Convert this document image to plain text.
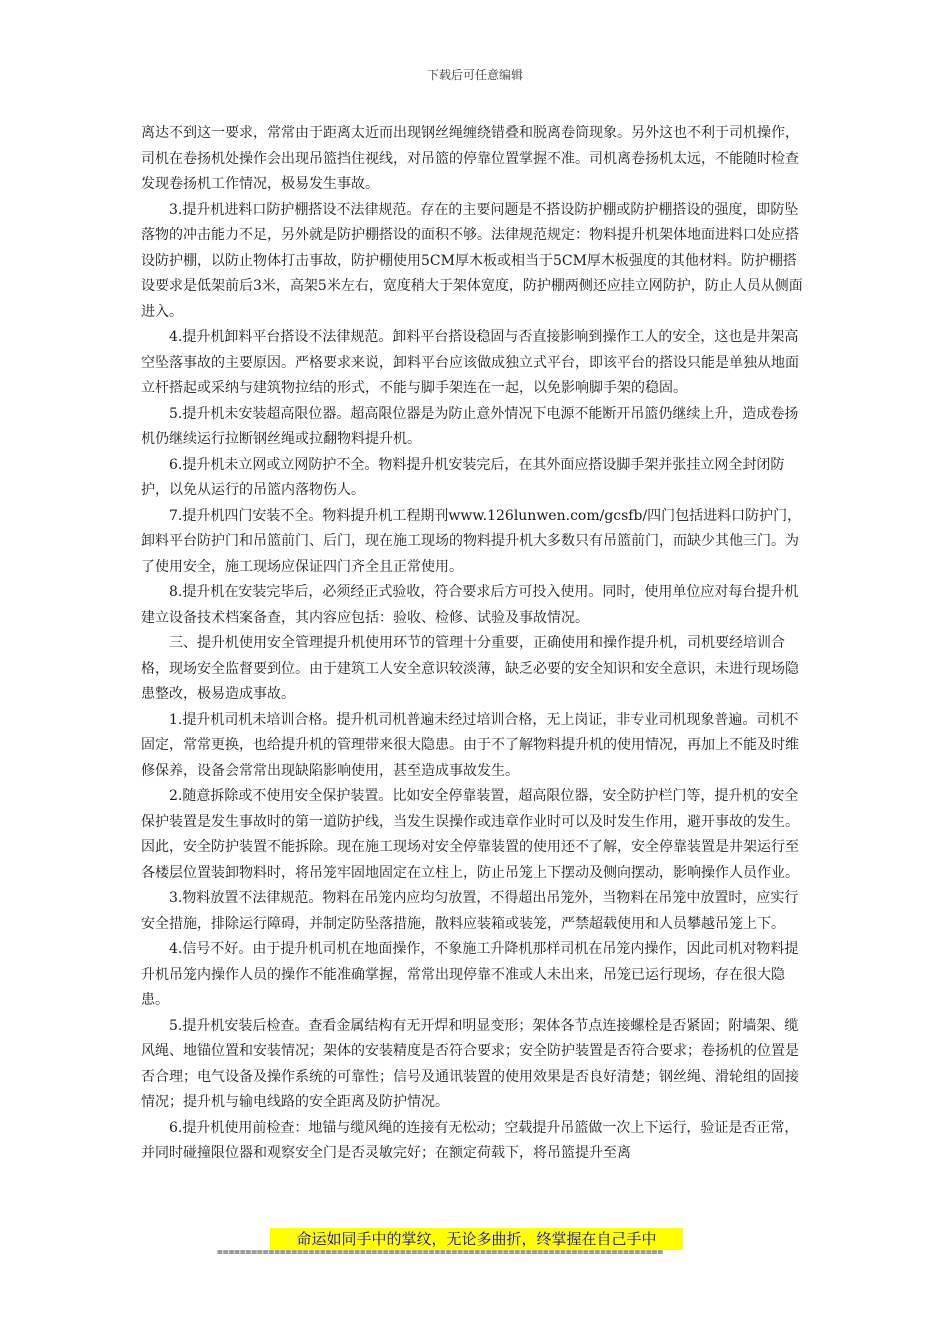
下载后可任意编辑

离达不到这一要求，常常由于距离太近而出现钢丝绳缠绕错叠和脱离卷筒现象。另外这也不利于司机操作，司机在卷扬机处操作会出现吊篮挡住视线，对吊篮的停靠位置掌握不准。司机离卷扬机太远，不能随时检查发现卷扬机工作情况，极易发生事故。

3.提升机进料口防护棚搭设不法律规范。存在的主要问题是不搭设防护棚或防护棚搭设的强度，即防坠落物的冲击能力不足，另外就是防护棚搭设的面积不够。法律规范规定：物料提升机架体地面进料口处应搭设防护棚，以防止物体打击事故，防护棚使用5CM厚木板或相当于5CM厚木板强度的其他材料。防护棚搭设要求是低架前后3米，高架5米左右，宽度稍大于架体宽度，防护棚两侧还应挂立网防护，防止人员从侧面进入。

4.提升机卸料平台搭设不法律规范。卸料平台搭设稳固与否直接影响到操作工人的安全，这也是井架高空坠落事故的主要原因。严格要求来说，卸料平台应该做成独立式平台，即该平台的搭设只能是单独从地面立杆搭起或采纳与建筑物拉结的形式，不能与脚手架连在一起，以免影响脚手架的稳固。

5.提升机未安装超高限位器。超高限位器是为防止意外情况下电源不能断开吊篮仍继续上升，造成卷扬机仍继续运行拉断钢丝绳或拉翻物料提升机。

6.提升机未立网或立网防护不全。物料提升机安装完后，在其外面应搭设脚手架并张挂立网全封闭防护，以免从运行的吊篮内落物伤人。

7.提升机四门安装不全。物料提升机工程期刊www.126lunwen.com/gcsfb/四门包括进料口防护门，卸料平台防护门和吊篮前门、后门，现在施工现场的物料提升机大多数只有吊篮前门，而缺少其他三门。为了使用安全，施工现场应保证四门齐全且正常使用。

8.提升机在安装完毕后，必须经正式验收，符合要求后方可投入使用。同时，使用单位应对每台提升机建立设备技术档案备查，其内容应包括：验收、检修、试验及事故情况。

三、提升机使用安全管理提升机使用环节的管理十分重要，正确使用和操作提升机，司机要经培训合格，现场安全监督要到位。由于建筑工人安全意识较淡薄，缺乏必要的安全知识和安全意识，未进行现场隐患整改，极易造成事故。

1.提升机司机未培训合格。提升机司机普遍未经过培训合格，无上岗证，非专业司机现象普遍。司机不固定，常常更换，也给提升机的管理带来很大隐患。由于不了解物料提升机的使用情况，再加上不能及时维修保养，设备会常常出现缺陷影响使用，甚至造成事故发生。

2.随意拆除或不使用安全保护装置。比如安全停靠装置，超高限位器，安全防护栏门等，提升机的安全保护装置是发生事故时的第一道防护线，当发生误操作或违章作业时可以及时发生作用，避开事故的发生。因此，安全防护装置不能拆除。现在施工现场对安全停靠装置的使用还不了解，安全停靠装置是井架运行至各楼层位置装卸物料时，将吊笼牢固地固定在立柱上，防止吊笼上下摆动及侧向摆动，影响操作人员作业。

3.物料放置不法律规范。物料在吊笼内应均匀放置，不得超出吊笼外，当物料在吊笼中放置时，应实行安全措施，排除运行障碍，并制定防坠落措施，散料应装箱或装笼，严禁超载使用和人员攀越吊笼上下。

4.信号不好。由于提升机司机在地面操作，不象施工升降机那样司机在吊笼内操作，因此司机对物料提升机吊笼内操作人员的操作不能准确掌握，常常出现停靠不准或人未出来，吊笼已运行现场，存在很大隐患。

5.提升机安装后检查。查看金属结构有无开焊和明显变形；架体各节点连接螺栓是否紧固；附墙架、缆风绳、地锚位置和安装情况；架体的安装精度是否符合要求；安全防护装置是否符合要求；卷扬机的位置是否合理；电气设备及操作系统的可靠性；信号及通讯装置的使用效果是否良好清楚；钢丝绳、滑轮组的固接情况；提升机与输电线路的安全距离及防护情况。

6.提升机使用前检查：地锚与缆风绳的连接有无松动；空载提升吊篮做一次上下运行，验证是否正常，并同时碰撞限位器和观察安全门是否灵敏完好；在额定荷载下，将吊篮提升至离

命运如同手中的掌纹，无论多曲折，终掌握在自己手中
==============================================================================
